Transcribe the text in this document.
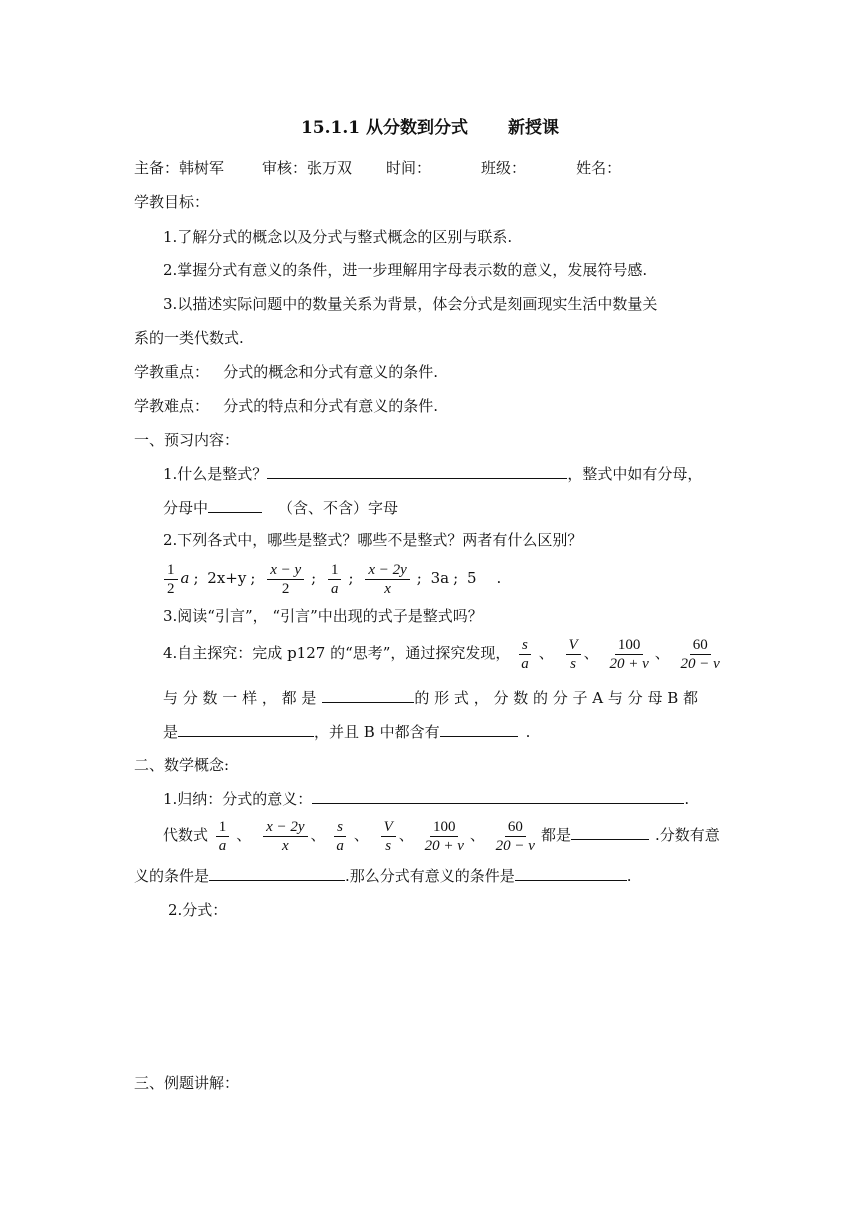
15.1.1 从分数到分式 新授课
主备：韩树军	审核：张万双 时间：	班级：	姓名：
学教目标：
1.了解分式的概念以及分式与整式概念的区别与联系.
2.掌握分式有意义的条件，进一步理解用字母表示数的意义，发展符号感.
3.以描述实际问题中的数量关系为背景，体会分式是刻画现实生活中数量关
系的一类代数式.
学教重点：   分式的概念和分式有意义的条件.
学教难点：   分式的特点和分式有意义的条件.
一、预习内容：
1.什么是整式？	，整式中如有分母，
分母中	（含、不含）字母
2.下列各式中，哪些是整式？哪些不是整式？两者有什么区别？
$\frac{1}{2}$ a ; 2x+y ; $\frac{x - y}{2}$ ; $\frac{1}{a}$ ; $\frac{x - 2y}{x}$ ; 3a ; 5 .
3.阅读“引言”， “引言”中出现的式子是整式吗？
4.自主探究：完成 p127 的“思考”，通过探究发现， $\frac{s}{a}$ 、 $\frac{V}{s}$ 、 $\frac{100}{20 + v}$ 、 $\frac{60}{20 - v}$
与 分 数 一 样 ， 都 是	的 形 式 ， 分 数 的 分 子 A 与 分 母 B 都
是	，并且 B 中都含有	.
二、数学概念:
1.归纳：分式的意义：	.
代数式 $\frac{1}{a}$ 、 $\frac{x - 2y}{x}$ 、 $\frac{s}{a}$ 、 $\frac{V}{s}$ 、 $\frac{100}{20 + v}$ 、 $\frac{60}{20 - v}$ 都是	.分数有意
义的条件是	.那么分式有意义的条件是	.
2.分式：
三、例题讲解：
